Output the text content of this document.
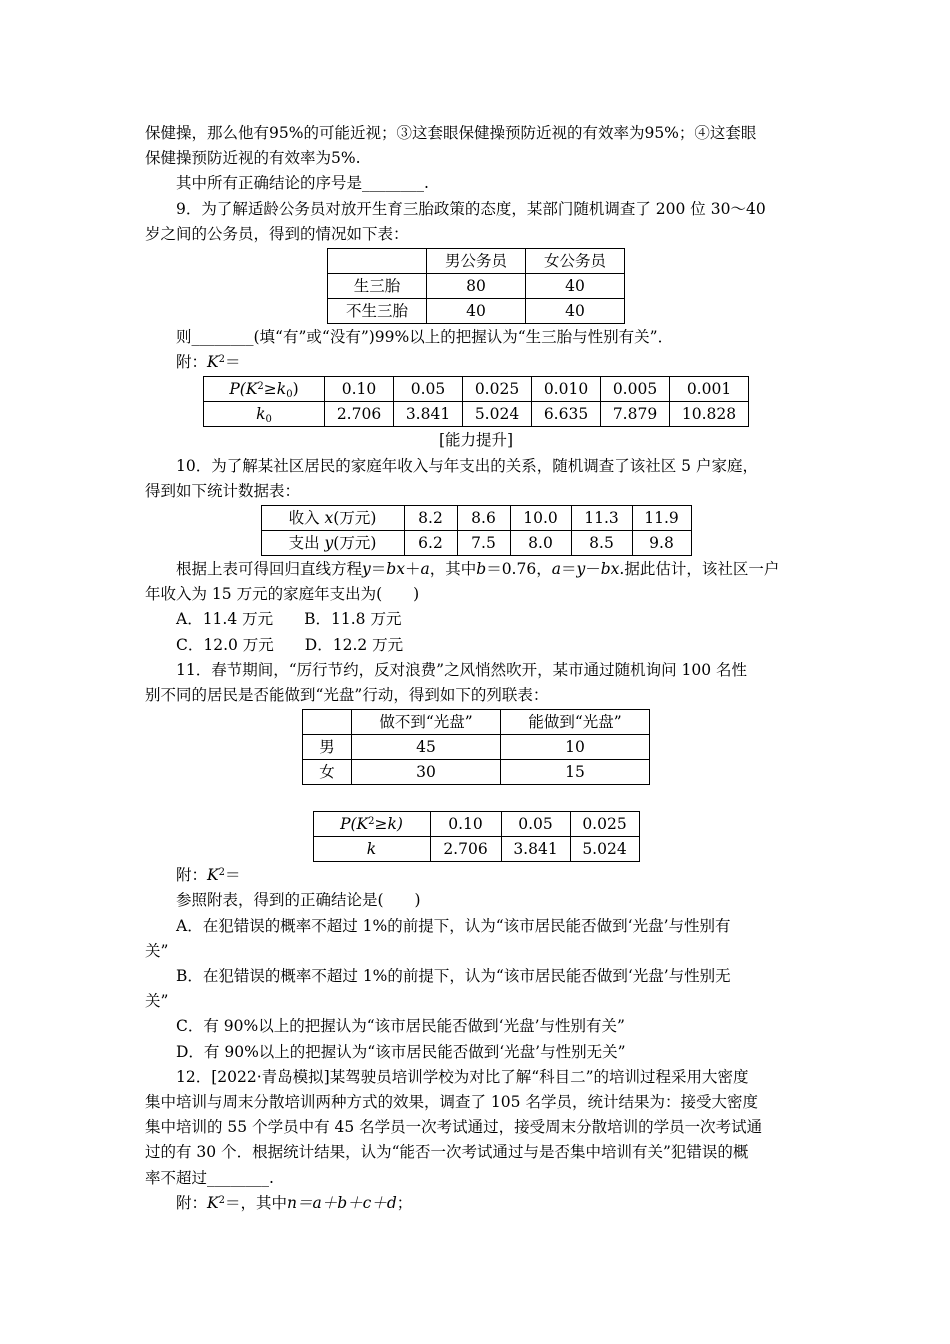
保健操，那么他有95%的可能近视；③这套眼保健操预防近视的有效率为95%；④这套眼

保健操预防近视的有效率为5%.

其中所有正确结论的序号是________.

9．为了解适龄公务员对放开生育三胎政策的态度，某部门随机调查了 200 位 30～40

岁之间的公务员，得到的情况如下表：

	男公务员	女公务员
生三胎	80	40
不生三胎	40	40

则________(填“有”或“没有”)99%以上的把握认为“生三胎与性别有关”．

附：$K^2=$

$P(K^2\ge k_0)$	0.10	0.05	0.025	0.010	0.005	0.001
$k_0$	2.706	3.841	5.024	6.635	7.879	10.828

[能力提升]

10．为了解某社区居民的家庭年收入与年支出的关系，随机调查了该社区 5 户家庭，

得到如下统计数据表：

收入 x(万元)	8.2	8.6	10.0	11.3	11.9
支出 y(万元)	6.2	7.5	8.0	8.5	9.8

根据上表可得回归直线方程y＝bx＋a，其中b＝0.76，a＝y－bx.据此估计，该社区一户

年收入为 15 万元的家庭年支出为(　　)

A．11.4 万元　　B．11.8 万元

C．12.0 万元　　D．12.2 万元

11．春节期间，“厉行节约，反对浪费”之风悄然吹开，某市通过随机询问 100 名性

别不同的居民是否能做到“光盘”行动，得到如下的列联表：

	做不到“光盘”	能做到“光盘”
男	45	10
女	30	15
$P(K^2\ge k)$	0.10	0.05	0.025
k	2.706	3.841	5.024

附：$K^2=$

参照附表，得到的正确结论是(　　)

A．在犯错误的概率不超过 1%的前提下，认为“该市居民能否做到‘光盘’与性别有

关”

B．在犯错误的概率不超过 1%的前提下，认为“该市居民能否做到‘光盘’与性别无

关”

C．有 90%以上的把握认为“该市居民能否做到‘光盘’与性别有关”

D．有 90%以上的把握认为“该市居民能否做到‘光盘’与性别无关”

12．[2022·青岛模拟]某驾驶员培训学校为对比了解“科目二”的培训过程采用大密度

集中培训与周末分散培训两种方式的效果，调查了 105 名学员，统计结果为：接受大密度

集中培训的 55 个学员中有 45 名学员一次考试通过，接受周末分散培训的学员一次考试通

过的有 30 个．根据统计结果，认为“能否一次考试通过与是否集中培训有关”犯错误的概

率不超过________.

附：$K^2=$，其中n＝a＋b＋c＋d；
